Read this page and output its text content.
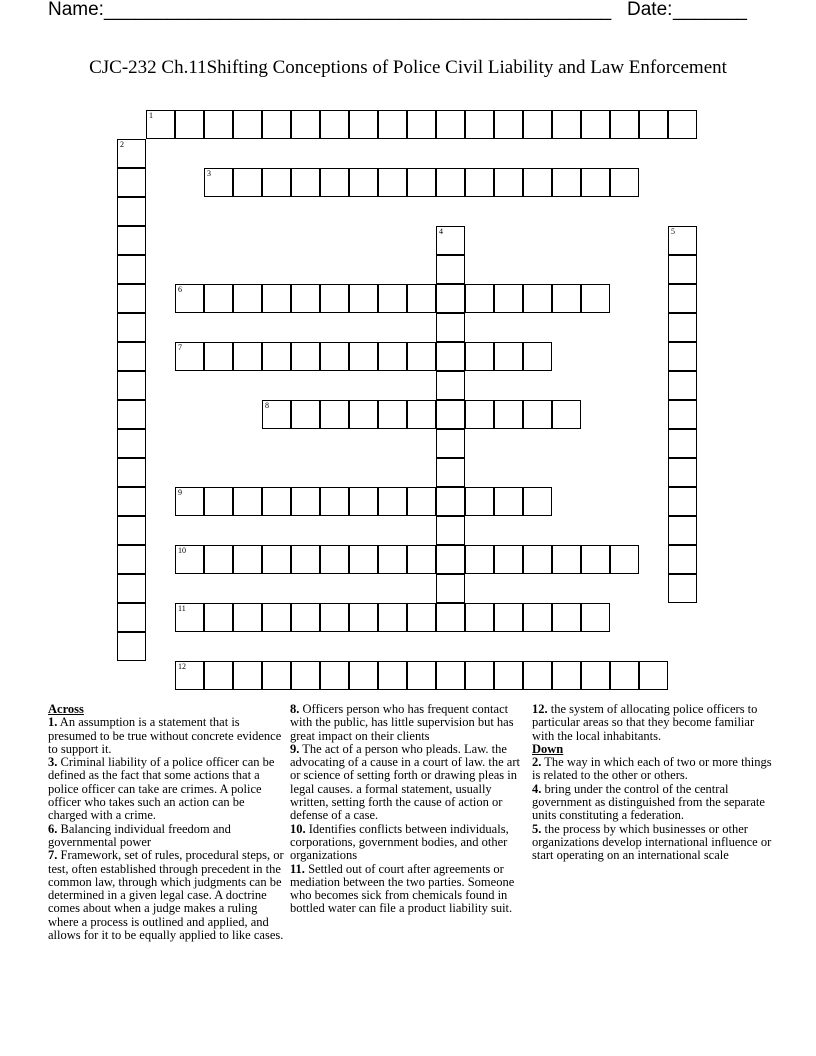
Name: ________________________________________________ Date: _______
CJC-232 Ch.11Shifting Conceptions of Police Civil Liability and Law Enforcement
1
2
3
4	5
6
7
8
9
10
11
12
Across

1. An assumption is a statement that is presumed to be true without concrete evidence to support it.

3. Criminal liability of a police officer can be defined as the fact that some actions that a police officer can take are crimes. A police officer who takes such an action can be charged with a crime.

6. Balancing individual freedom and governmental power

7. Framework, set of rules, procedural steps, or test, often established through precedent in the common law, through which judgments can be determined in a given legal case. A doctrine comes about when a judge makes a ruling where a process is outlined and applied, and allows for it to be equally applied to like cases.

8. Officers person who has frequent contact with the public, has little supervision but has great impact on their clients

9. The act of a person who pleads. Law. the advocating of a cause in a court of law. the art or science of setting forth or drawing pleas in legal causes. a formal statement, usually written, setting forth the cause of action or defense of a case.

10. Identifies conflicts between individuals, corporations, government bodies, and other organizations

11. Settled out of court after agreements or mediation between the two parties. Someone who becomes sick from chemicals found in bottled water can file a product liability suit.

12. the system of allocating police officers to particular areas so that they become familiar with the local inhabitants.

Down

2. The way in which each of two or more things is related to the other or others.

4. bring under the control of the central government as distinguished from the separate units constituting a federation.

5. the process by which businesses or other organizations develop international influence or start operating on an international scale
